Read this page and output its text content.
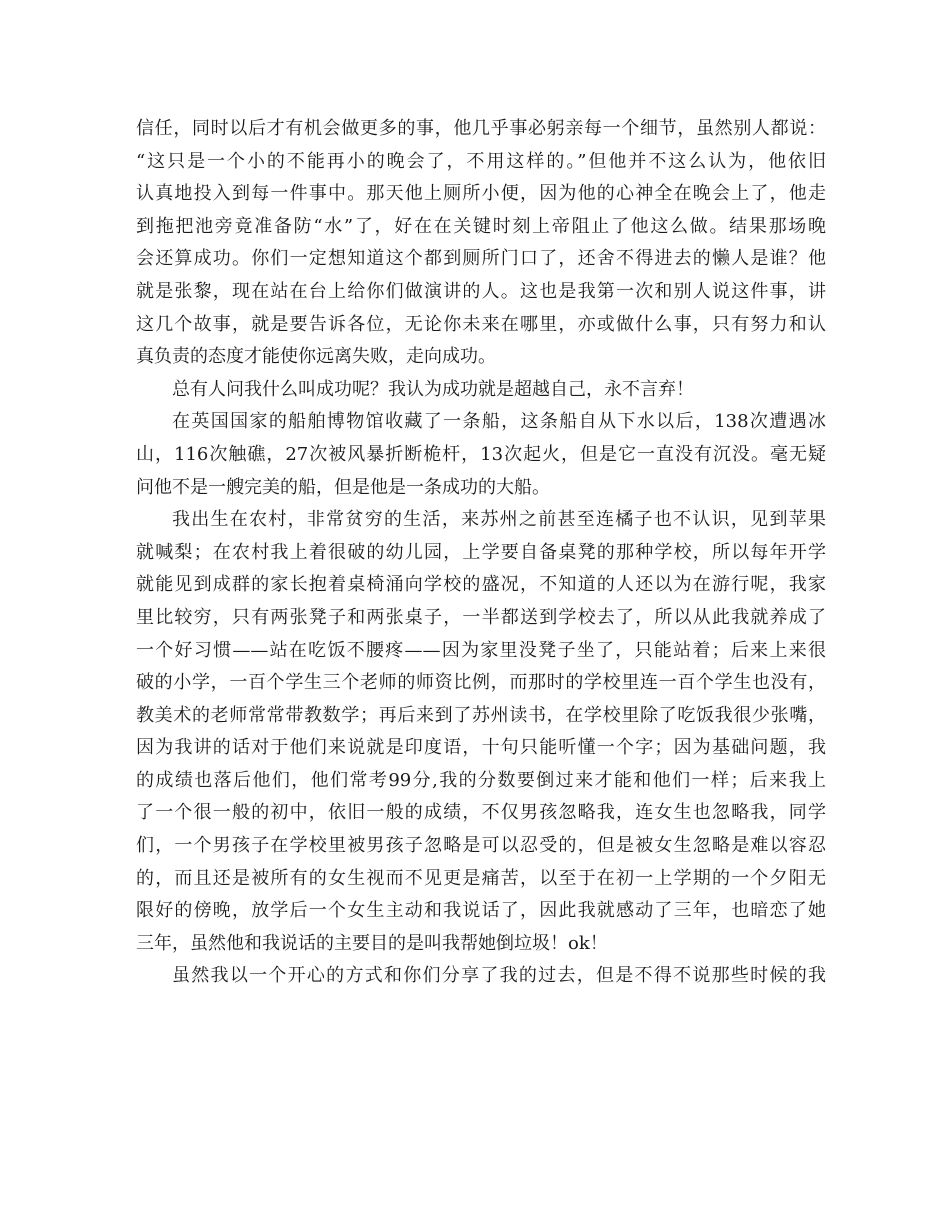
信任，同时以后才有机会做更多的事，他几乎事必躬亲每一个细节，虽然别人都说：
“这只是一个小的不能再小的晚会了，不用这样的。”但他并不这么认为，他依旧
认真地投入到每一件事中。那天他上厕所小便，因为他的心神全在晚会上了，他走
到拖把池旁竟准备防“水”了，好在在关键时刻上帝阻止了他这么做。结果那场晚
会还算成功。你们一定想知道这个都到厕所门口了，还舍不得进去的懒人是谁？他
就是张黎，现在站在台上给你们做演讲的人。这也是我第一次和别人说这件事，讲
这几个故事，就是要告诉各位，无论你未来在哪里，亦或做什么事，只有努力和认
真负责的态度才能使你远离失败，走向成功。
总有人问我什么叫成功呢？我认为成功就是超越自己，永不言弃！
在英国国家的船舶博物馆收藏了一条船，这条船自从下水以后，138次遭遇冰
山，116次触礁，27次被风暴折断桅杆，13次起火，但是它一直没有沉没。毫无疑
问他不是一艘完美的船，但是他是一条成功的大船。
我出生在农村，非常贫穷的生活，来苏州之前甚至连橘子也不认识，见到苹果
就喊梨；在农村我上着很破的幼儿园，上学要自备桌凳的那种学校，所以每年开学
就能见到成群的家长抱着桌椅涌向学校的盛况，不知道的人还以为在游行呢，我家
里比较穷，只有两张凳子和两张桌子，一半都送到学校去了，所以从此我就养成了
一个好习惯——站在吃饭不腰疼——因为家里没凳子坐了，只能站着；后来上来很
破的小学，一百个学生三个老师的师资比例，而那时的学校里连一百个学生也没有，
教美术的老师常常带教数学；再后来到了苏州读书，在学校里除了吃饭我很少张嘴，
因为我讲的话对于他们来说就是印度语，十句只能听懂一个字；因为基础问题，我
的成绩也落后他们，他们常考99分,我的分数要倒过来才能和他们一样；后来我上
了一个很一般的初中，依旧一般的成绩，不仅男孩忽略我，连女生也忽略我，同学
们，一个男孩子在学校里被男孩子忽略是可以忍受的，但是被女生忽略是难以容忍
的，而且还是被所有的女生视而不见更是痛苦，以至于在初一上学期的一个夕阳无
限好的傍晚，放学后一个女生主动和我说话了，因此我就感动了三年，也暗恋了她
三年，虽然他和我说话的主要目的是叫我帮她倒垃圾！ok！
虽然我以一个开心的方式和你们分享了我的过去，但是不得不说那些时候的我
